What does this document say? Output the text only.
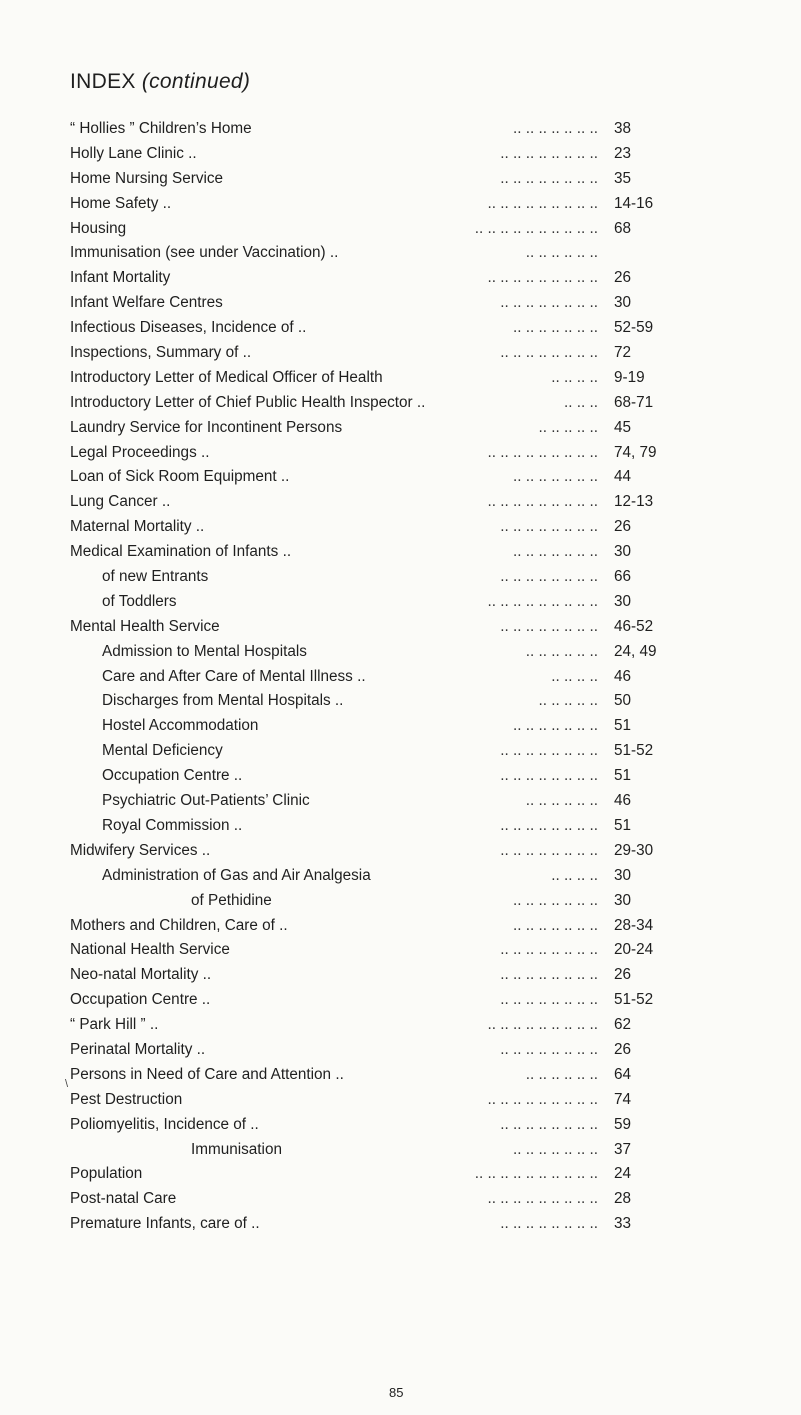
INDEX (continued)
“ Hollies ” Children’s Home	.. .. .. .. .. .. .. 38
Holly Lane Clinic ..	.. .. .. .. .. .. .. .. 23
Home Nursing Service	.. .. .. .. .. .. .. .. 35
Home Safety ..	.. .. .. .. .. .. .. .. .. 14-16
Housing	.. .. .. .. .. .. .. .. .. .. 68
Immunisation (see under Vaccination) ..	.. .. .. .. .. ..
Infant Mortality	.. .. .. .. .. .. .. .. .. 26
Infant Welfare Centres	.. .. .. .. .. .. .. .. 30
Infectious Diseases, Incidence of ..	.. .. .. .. .. .. .. 52-59
Inspections, Summary of ..	.. .. .. .. .. .. .. .. 72
Introductory Letter of Medical Officer of Health	.. .. .. .. 9-19
Introductory Letter of Chief Public Health Inspector ..	.. .. .. 68-71
Laundry Service for Incontinent Persons	.. .. .. .. .. 45
Legal Proceedings ..	.. .. .. .. .. .. .. .. .. 74, 79
Loan of Sick Room Equipment ..	.. .. .. .. .. .. .. 44
Lung Cancer ..	.. .. .. .. .. .. .. .. .. 12-13
Maternal Mortality ..	.. .. .. .. .. .. .. .. 26
Medical Examination of Infants ..	.. .. .. .. .. .. .. 30
of new Entrants	.. .. .. .. .. .. .. .. 66
of Toddlers	.. .. .. .. .. .. .. .. .. 30
Mental Health Service	.. .. .. .. .. .. .. .. 46-52
Admission to Mental Hospitals	.. .. .. .. .. .. 24, 49
Care and After Care of Mental Illness ..	.. .. .. .. 46
Discharges from Mental Hospitals ..	.. .. .. .. .. 50
Hostel Accommodation	.. .. .. .. .. .. .. 51
Mental Deficiency	.. .. .. .. .. .. .. .. 51-52
Occupation Centre ..	.. .. .. .. .. .. .. .. 51
Psychiatric Out-Patients’ Clinic	.. .. .. .. .. .. 46
Royal Commission ..	.. .. .. .. .. .. .. .. 51
Midwifery Services ..	.. .. .. .. .. .. .. .. 29-30
Administration of Gas and Air Analgesia	.. .. .. .. 30
of Pethidine	.. .. .. .. .. .. .. 30
Mothers and Children, Care of ..	.. .. .. .. .. .. .. 28-34
National Health Service	.. .. .. .. .. .. .. .. 20-24
Neo-natal Mortality ..	.. .. .. .. .. .. .. .. 26
Occupation Centre ..	.. .. .. .. .. .. .. .. 51-52
“ Park Hill ” ..	.. .. .. .. .. .. .. .. .. 62
Perinatal Mortality ..	.. .. .. .. .. .. .. .. 26
Persons in Need of Care and Attention ..	.. .. .. .. .. .. 64
Pest Destruction	.. .. .. .. .. .. .. .. .. 74
Poliomyelitis, Incidence of ..	.. .. .. .. .. .. .. .. 59
Immunisation	.. .. .. .. .. .. .. 37
Population	.. .. .. .. .. .. .. .. .. .. 24
Post-natal Care	.. .. .. .. .. .. .. .. .. 28
Premature Infants, care of ..	.. .. .. .. .. .. .. .. 33
\
85
